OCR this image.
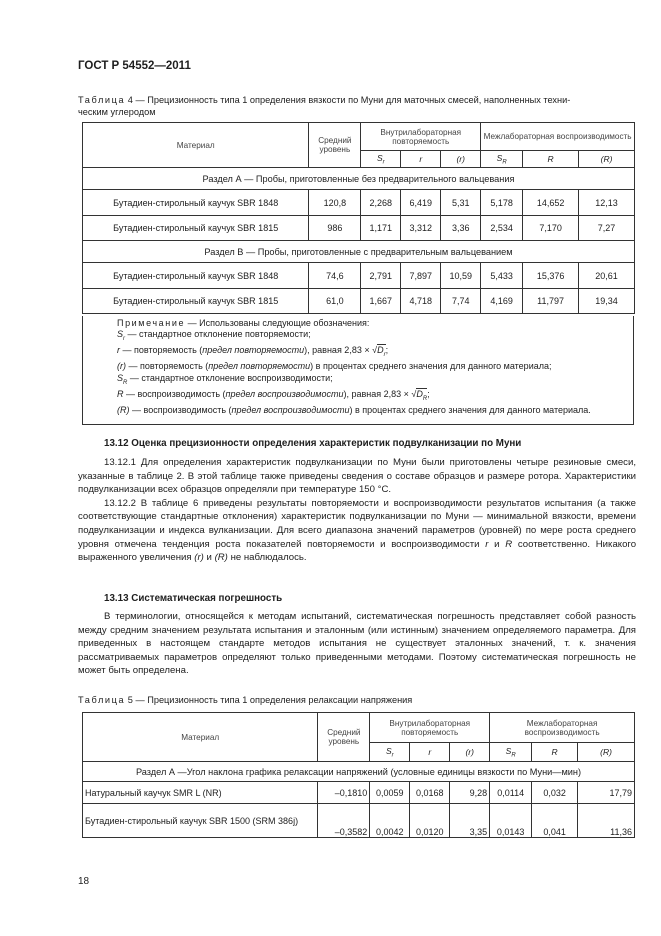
ГОСТ Р 54552—2011
Таблица 4 — Прецизионность типа 1 определения вязкости по Муни для маточных смесей, наполненных техни-
ческим углеродом
Материал	Средний уровень	Внутрилабораторная повторяемость			Межлабораторная воспроизводимость		
		$S_r$	r	(r)	$S_R$	R	(R)
Раздел А — Пробы, приготовленные без предварительного вальцевания							
Бутадиен-стирольный каучук SBR 1848	120,8	2,268	6,419	5,31	5,178	14,652	12,13
Бутадиен-стирольный каучук SBR 1815	986	1,171	3,312	3,36	2,534	7,170	7,27
Раздел В — Пробы, приготовленные с предварительным вальцеванием							
Бутадиен-стирольный каучук SBR 1848	74,6	2,791	7,897	10,59	5,433	15,376	20,61
Бутадиен-стирольный каучук SBR 1815	61,0	1,667	4,718	7,74	4,169	11,797	19,34
Примечание — Использованы следующие обозначения:
$S_r$ — стандартное отклонение повторяемости;
r — повторяемость (предел повторяемости), равная $2,83 \times √D_r$;
(r) — повторяемость (предел повторяемости) в процентах среднего значения для данного материала;
$S_R$ — стандартное отклонение воспроизводимости;
R — воспроизводимость (предел воспроизводимости), равная $2,83 \times √D_R$;
(R) — воспроизводимость (предел воспроизводимости) в процентах среднего значения для данного материала.
13.12 Оценка прецизионности определения характеристик подвулканизации по Муни
13.12.1 Для определения характеристик подвулканизации по Муни были приготовлены четыре резиновые смеси, указанные в таблице 2. В этой таблице также приведены сведения о составе образцов и размере ротора. Характеристики подвулканизации всех образцов определяли при температуре 150 °С.
13.12.2 В таблице 6 приведены результаты повторяемости и воспроизводимости результатов испытания (а также соответствующие стандартные отклонения) характеристик подвулканизации по Муни — минимальной вязкости, времени подвулканизации и индекса вулканизации. Для всего диапазона значений параметров (уровней) по мере роста среднего уровня отмечена тенденция роста показателей повторяемости и воспроизводимости r и R соответственно. Никакого выраженного увеличения (r) и (R) не наблюдалось.
13.13 Систематическая погрешность
В терминологии, относящейся к методам испытаний, систематическая погрешность представляет собой разность между средним значением результата испытания и эталонным (или истинным) значением определяемого параметра. Для приведенных в настоящем стандарте методов испытания не существует эталонных значений, т. к. значения рассматриваемых параметров определяют только приведенными методами. Поэтому систематическая погрешность не может быть определена.
Таблица 5 — Прецизионность типа 1 определения релаксации напряжения
Материал	Средний уровень	Внутрилабораторная повторяемость			Межлабораторная воспроизводимость		
		$S_r$	r	(r)	$S_R$	R	(R)
Раздел А —Угол наклона графика релаксации напряжений (условные единицы вязкости по Муни—мин)							
Натуральный каучук SMR L (NR)	–0,1810	0,0059	0,0168	9,28	0,0114	0,032	17,79
Бутадиен-стирольный каучук SBR 1500 (SRM 386j)	–0,3582	0,0042	0,0120	3,35	0,0143	0,041	11,36
18
